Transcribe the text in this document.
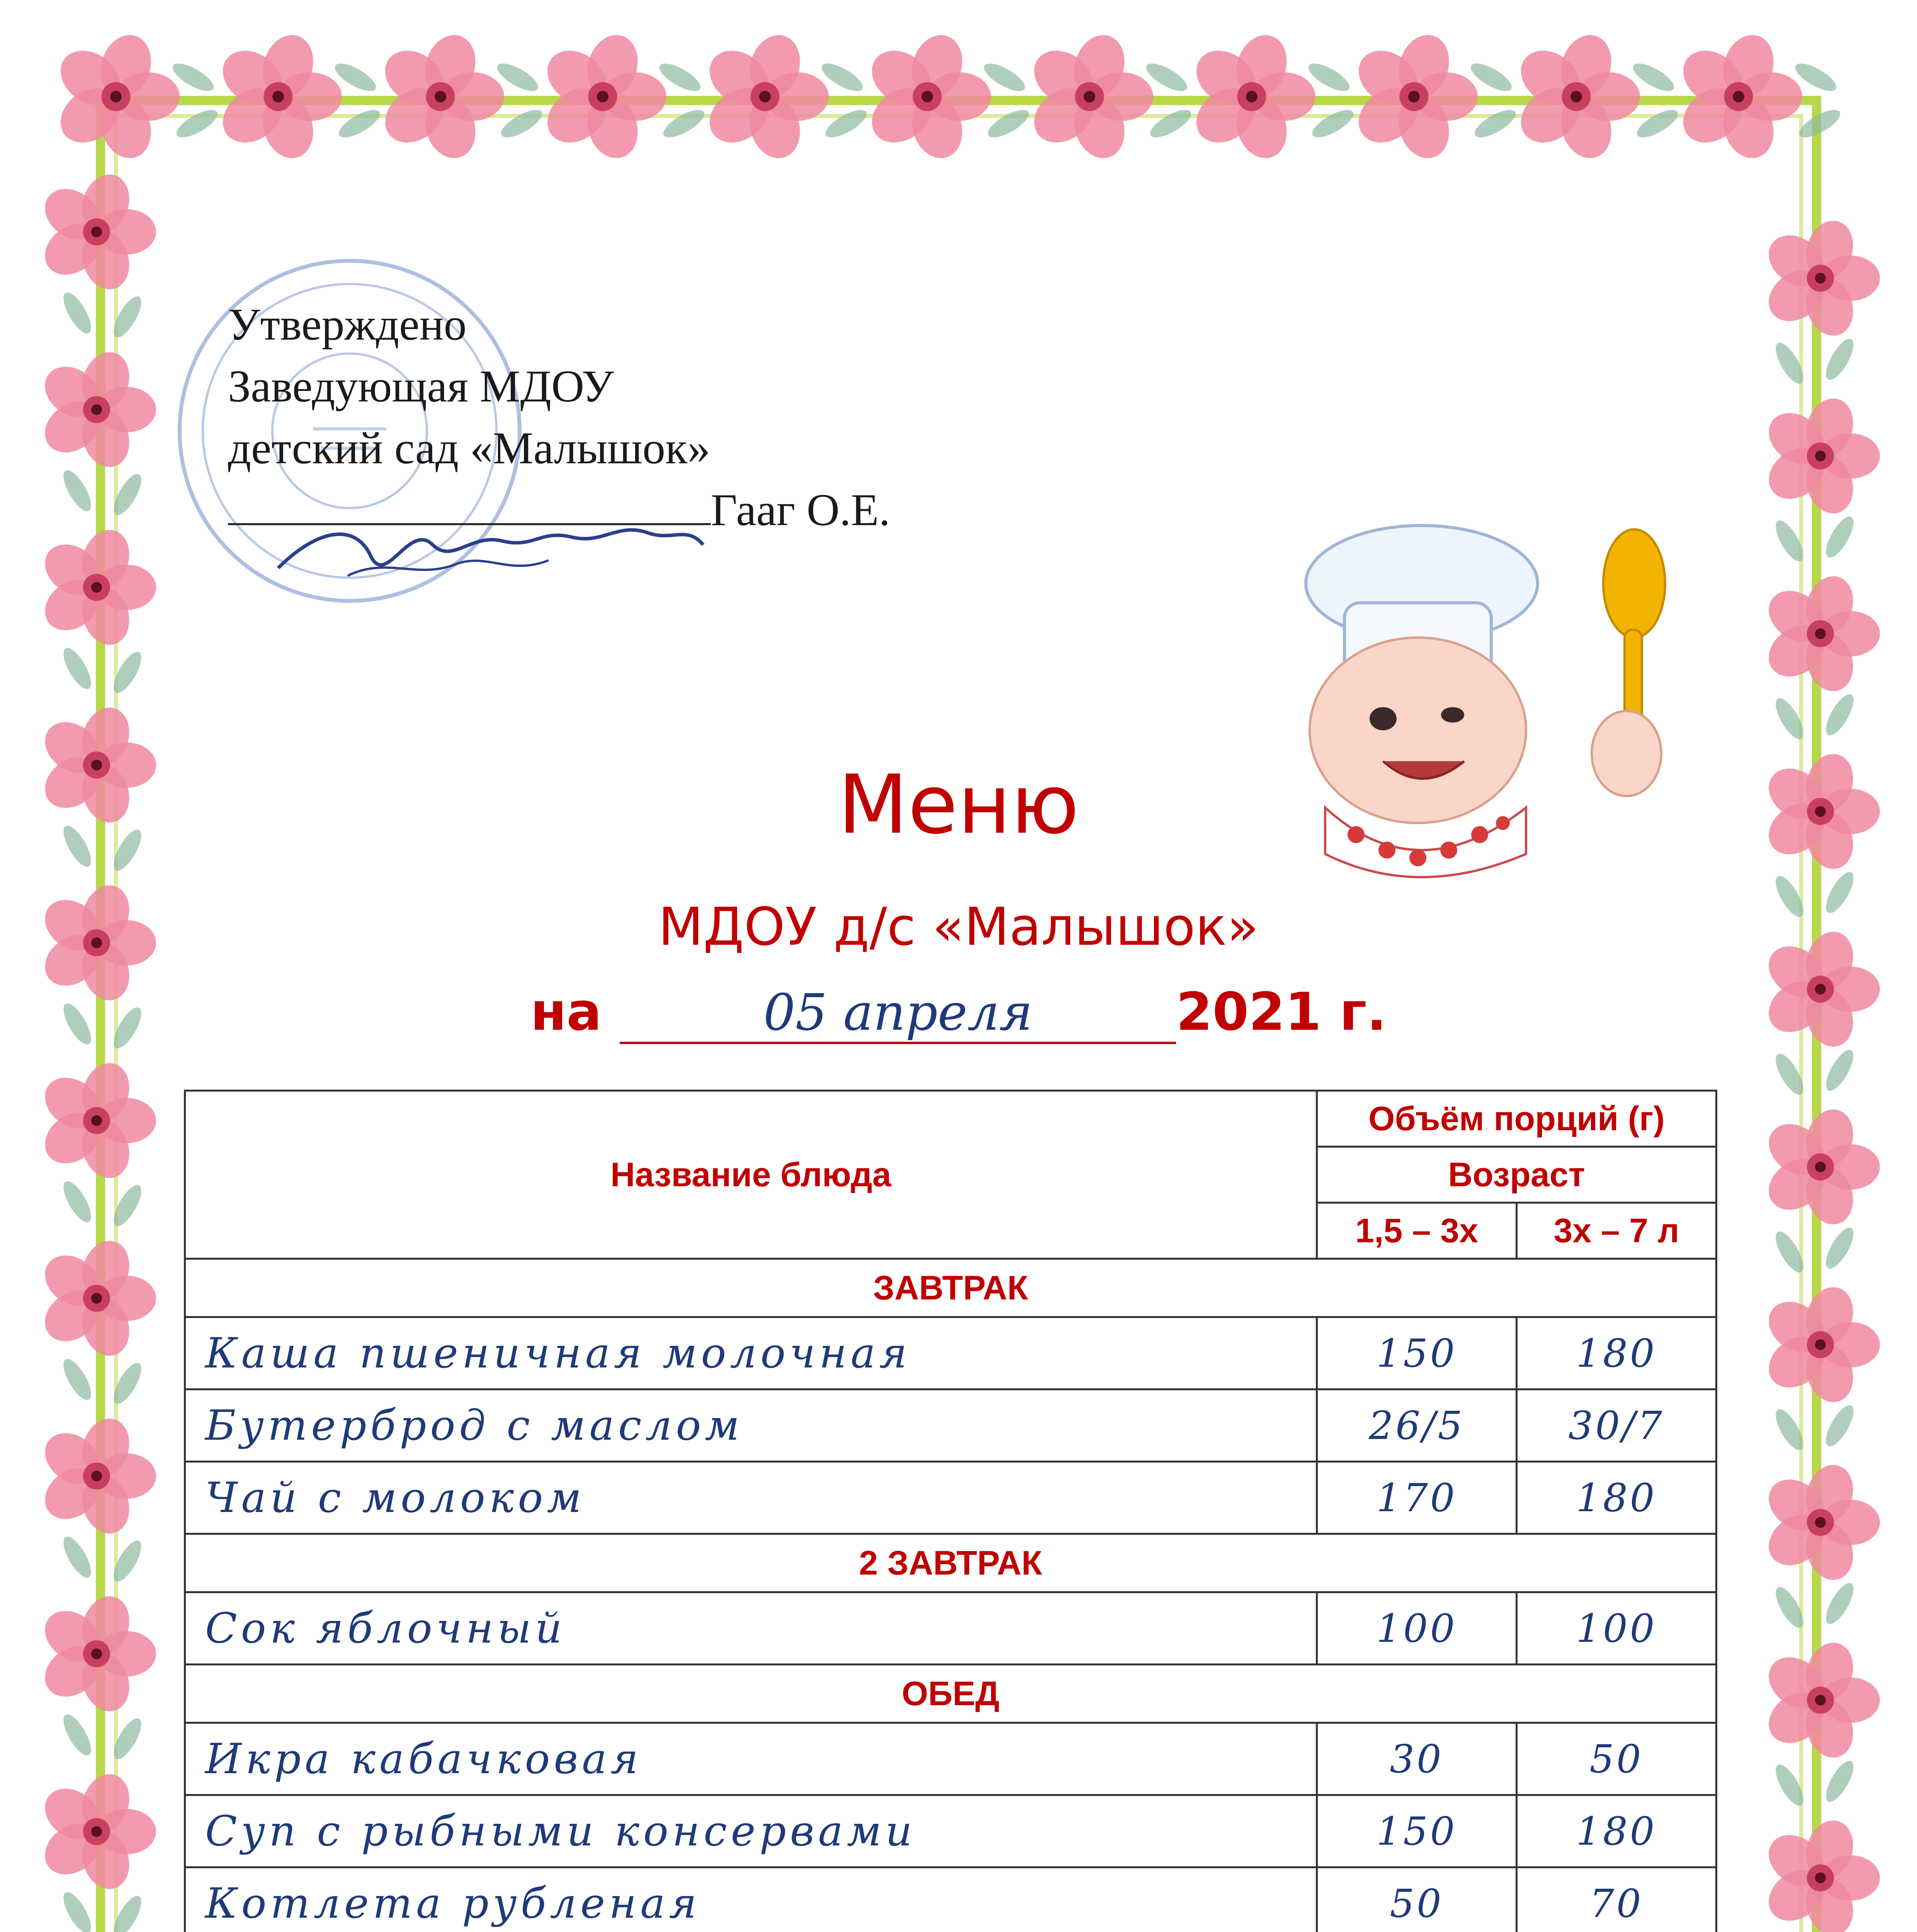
Утверждено
Заведующая МДОУ
детский сад «Малышок»
Гааг О.Е.
Меню
МДОУ д/с «Малышок»
на	05 апреля	2021 г.
Название блюда	Объём порций (г)	
	Возраст	
	1,5 – 3х	3х – 7 л
ЗАВТРАК		
Каша пшеничная молочная	150	180
Бутерброд с маслом	26/5	30/7
Чай с молоком	170	180
2 ЗАВТРАК		
Сок яблочный	100	100
ОБЕД		
Икра кабачковая	30	50
Суп с рыбными консервами	150	180
Котлета рубленая	50	70
